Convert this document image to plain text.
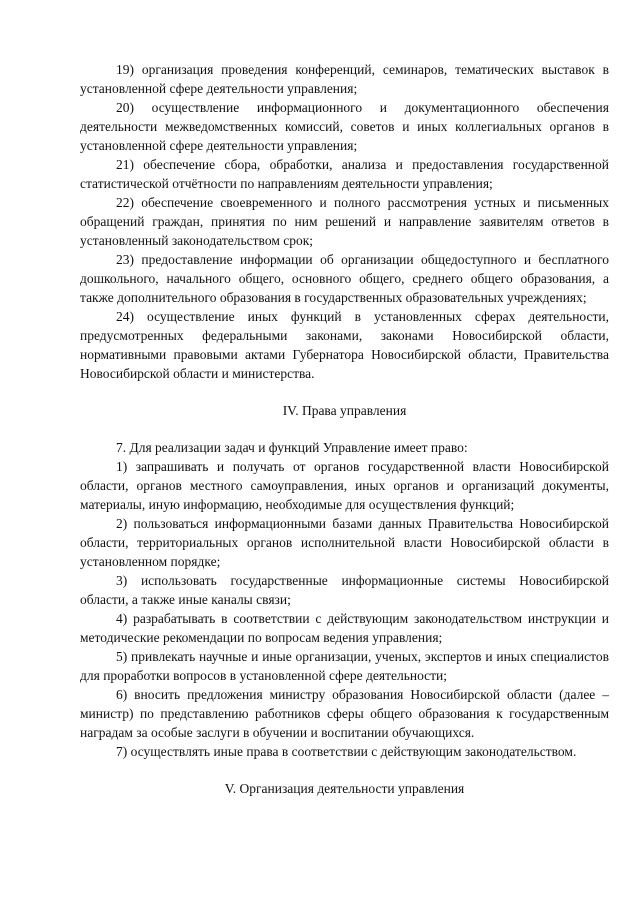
19) организация проведения конференций, семинаров, тематических выставок в установленной сфере деятельности управления;

20) осуществление информационного и документационного обеспечения деятельности межведомственных комиссий, советов и иных коллегиальных органов в установленной сфере деятельности управления;

21) обеспечение сбора, обработки, анализа и предоставления государственной статистической отчётности по направлениям деятельности управления;

22) обеспечение своевременного и полного рассмотрения устных и письменных обращений граждан, принятия по ним решений и направление заявителям ответов в установленный законодательством срок;

23) предоставление информации об организации общедоступного и бесплатного дошкольного, начального общего, основного общего, среднего общего образования, а также дополнительного образования в государственных образовательных учреждениях;

24) осуществление иных функций в установленных сферах деятельности, предусмотренных федеральными законами, законами Новосибирской области, нормативными правовыми актами Губернатора Новосибирской области, Правительства Новосибирской области и министерства.

IV. Права управления

7. Для реализации задач и функций Управление имеет право:

1) запрашивать и получать от органов государственной власти Новосибирской области, органов местного самоуправления, иных органов и организаций документы, материалы, иную информацию, необходимые для осуществления функций;

2) пользоваться информационными базами данных Правительства Новосибирской области, территориальных органов исполнительной власти Новосибирской области в установленном порядке;

3) использовать государственные информационные системы Новосибирской области, а также иные каналы связи;

4) разрабатывать в соответствии с действующим законодательством инструкции и методические рекомендации по вопросам ведения управления;

5) привлекать научные и иные организации, ученых, экспертов и иных специалистов для проработки вопросов в установленной сфере деятельности;

6) вносить предложения министру образования Новосибирской области (далее – министр) по представлению работников сферы общего образования к государственным наградам за особые заслуги в обучении и воспитании обучающихся.

7) осуществлять иные права в соответствии с действующим законодательством.

V. Организация деятельности управления
